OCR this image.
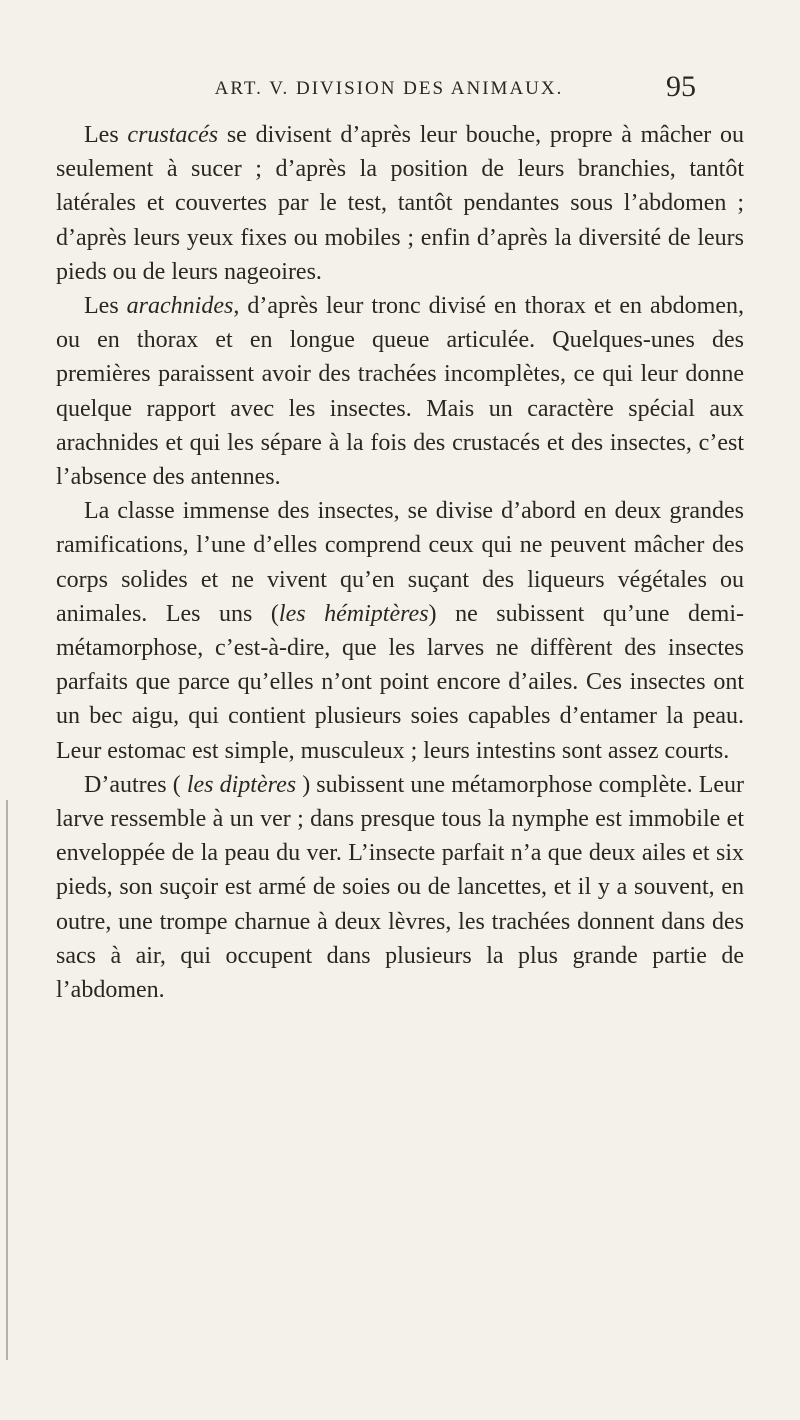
ART. V. DIVISION DES ANIMAUX.	95

Les crustacés se divisent d’après leur bouche, propre à mâcher ou seulement à sucer ; d’après la position de leurs branchies, tantôt latérales et couvertes par le test, tantôt pendantes sous l’abdomen ; d’après leurs yeux fixes ou mobiles ; enfin d’après la diversité de leurs pieds ou de leurs nageoires.

Les arachnides, d’après leur tronc divisé en thorax et en abdomen, ou en thorax et en longue queue articulée. Quelques-unes des premières paraissent avoir des trachées incomplètes, ce qui leur donne quelque rapport avec les insectes. Mais un caractère spécial aux arachnides et qui les sépare à la fois des crustacés et des insectes, c’est l’absence des antennes.

La classe immense des insectes, se divise d’abord en deux grandes ramifications, l’une d’elles comprend ceux qui ne peuvent mâcher des corps solides et ne vivent qu’en suçant des liqueurs végétales ou animales. Les uns (les hémiptères) ne subissent qu’une demi-métamorphose, c’est-à-dire, que les larves ne diffèrent des insectes parfaits que parce qu’elles n’ont point encore d’ailes. Ces insectes ont un bec aigu, qui contient plusieurs soies capables d’entamer la peau. Leur estomac est simple, musculeux ; leurs intestins sont assez courts.

D’autres ( les diptères ) subissent une métamorphose complète. Leur larve ressemble à un ver ; dans presque tous la nymphe est immobile et enveloppée de la peau du ver. L’insecte parfait n’a que deux ailes et six pieds, son suçoir est armé de soies ou de lancettes, et il y a souvent, en outre, une trompe charnue à deux lèvres, les trachées donnent dans des sacs à air, qui occupent dans plusieurs la plus grande partie de l’abdomen.
